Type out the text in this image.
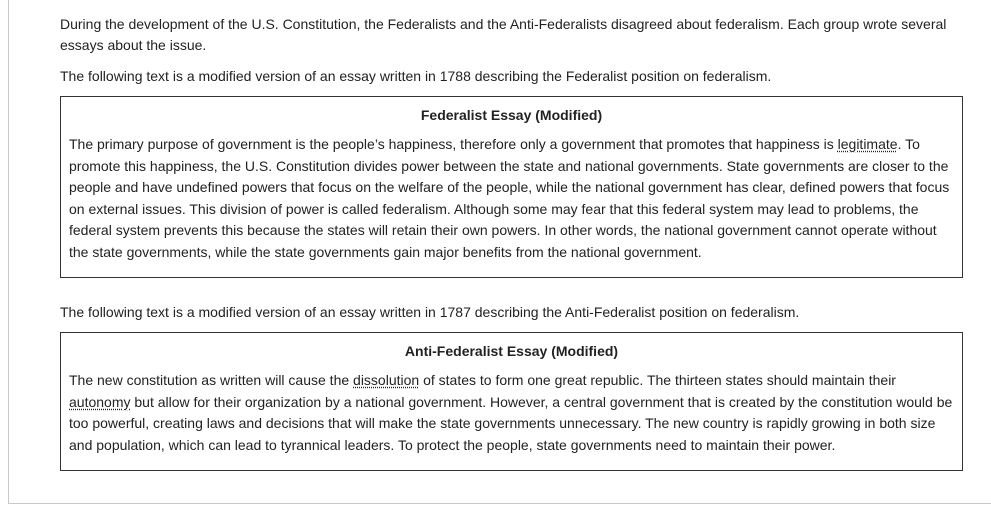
During the development of the U.S. Constitution, the Federalists and the Anti-Federalists disagreed about federalism. Each group wrote several essays about the issue.

The following text is a modified version of an essay written in 1788 describing the Federalist position on federalism.

Federalist Essay (Modified)

The primary purpose of government is the people’s happiness, therefore only a government that promotes that happiness is legitimate. To promote this happiness, the U.S. Constitution divides power between the state and national governments. State governments are closer to the people and have undefined powers that focus on the welfare of the people, while the national government has clear, defined powers that focus on external issues. This division of power is called federalism. Although some may fear that this federal system may lead to problems, the federal system prevents this because the states will retain their own powers. In other words, the national government cannot operate without the state governments, while the state governments gain major benefits from the national government.

The following text is a modified version of an essay written in 1787 describing the Anti-Federalist position on federalism.

Anti-Federalist Essay (Modified)

The new constitution as written will cause the dissolution of states to form one great republic. The thirteen states should maintain their autonomy but allow for their organization by a national government. However, a central government that is created by the constitution would be too powerful, creating laws and decisions that will make the state governments unnecessary. The new country is rapidly growing in both size and population, which can lead to tyrannical leaders. To protect the people, state governments need to maintain their power.
